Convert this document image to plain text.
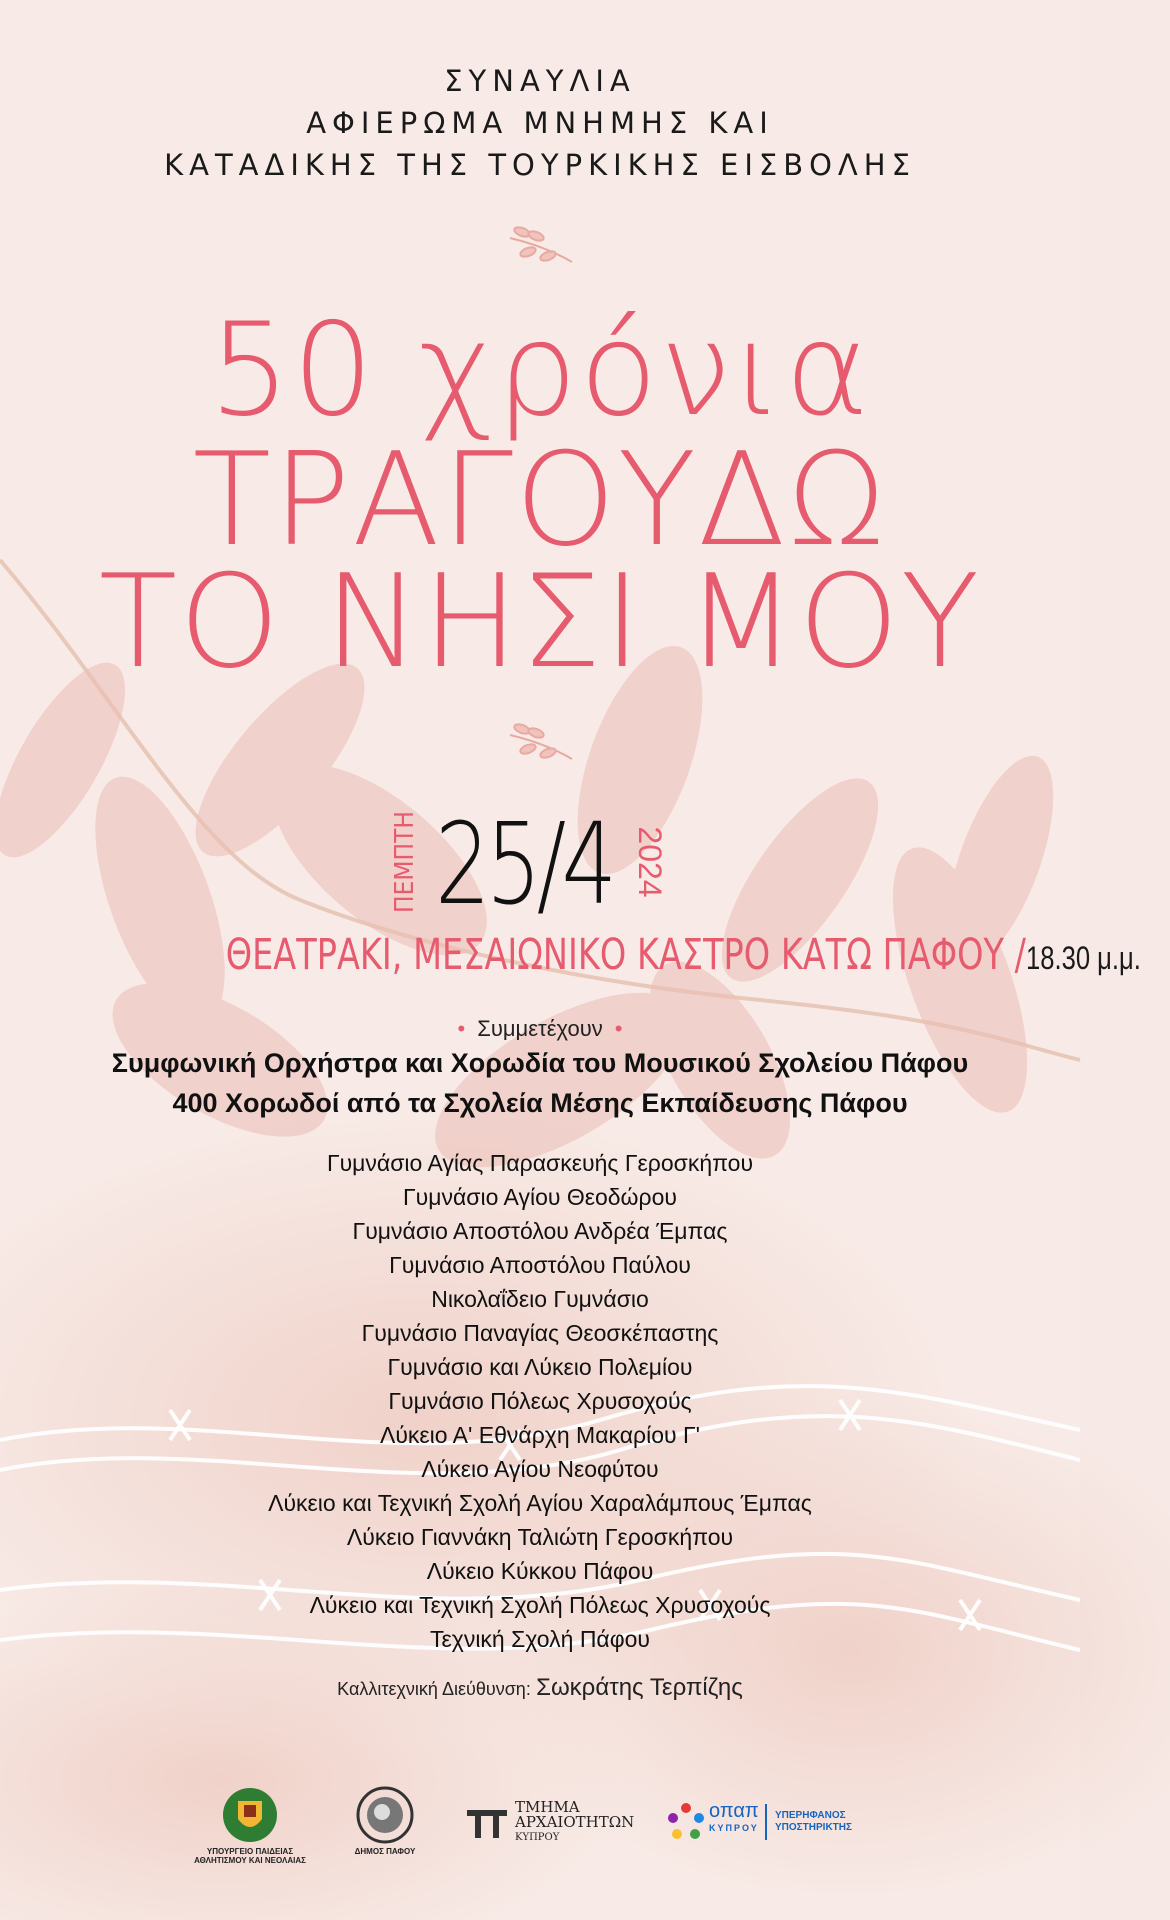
ΣΥΝΑΥΛΙΑ
ΑΦΙΕΡΩΜΑ ΜΝΗΜΗΣ ΚΑΙ
ΚΑΤΑΔΙΚΗΣ ΤΗΣ ΤΟΥΡΚΙΚΗΣ ΕΙΣΒΟΛΗΣ
50 χρόνια
ΤΡΑΓΟΥΔΩ
ΤΟ ΝΗΣΙ ΜΟΥ
ΠΕΜΠΤΗ 25/4 2024
ΘΕΑΤΡΑΚΙ, ΜΕΣΑΙΩΝΙΚΟ ΚΑΣΤΡΟ ΚΑΤΩ ΠΑΦΟΥ /18.30 μ.μ.
• Συμμετέχουν •
Συμφωνική Ορχήστρα και Χορωδία του Μουσικού Σχολείου Πάφου
400 Χορωδοί από τα Σχολεία Μέσης Εκπαίδευσης Πάφου
Γυμνάσιο Αγίας Παρασκευής Γεροσκήπου
Γυμνάσιο Αγίου Θεοδώρου
Γυμνάσιο Αποστόλου Ανδρέα Έμπας
Γυμνάσιο Αποστόλου Παύλου
Νικολαΐδειο Γυμνάσιο
Γυμνάσιο Παναγίας Θεοσκέπαστης
Γυμνάσιο και Λύκειο Πολεμίου
Γυμνάσιο Πόλεως Χρυσοχούς
Λύκειο Α' Εθνάρχη Μακαρίου Γ'
Λύκειο Αγίου Νεοφύτου
Λύκειο και Τεχνική Σχολή Αγίου Χαραλάμπους Έμπας
Λύκειο Γιαννάκη Ταλιώτη Γεροσκήπου
Λύκειο Κύκκου Πάφου
Λύκειο και Τεχνική Σχολή Πόλεως Χρυσοχούς
Τεχνική Σχολή Πάφου
Καλλιτεχνική Διεύθυνση: Σωκράτης Τερπίζης
ΥΠΟΥΡΓΕΙΟ ΠΑΙΔΕΙΑΣ ΑΘΛΗΤΙΣΜΟΥ ΚΑΙ ΝΕΟΛΑΙΑΣ
ΔΗΜΟΣ ΠΑΦΟΥ
ΤΜΗΜΑ
ΑΡΧΑΙΟΤΗΤΩΝ
ΚΥΠΡΟΥ
οπαπ
ΚΥΠΡΟΥ
ΥΠΕΡΗΦΑΝΟΣ
ΥΠΟΣΤΗΡΙΚΤΗΣ
